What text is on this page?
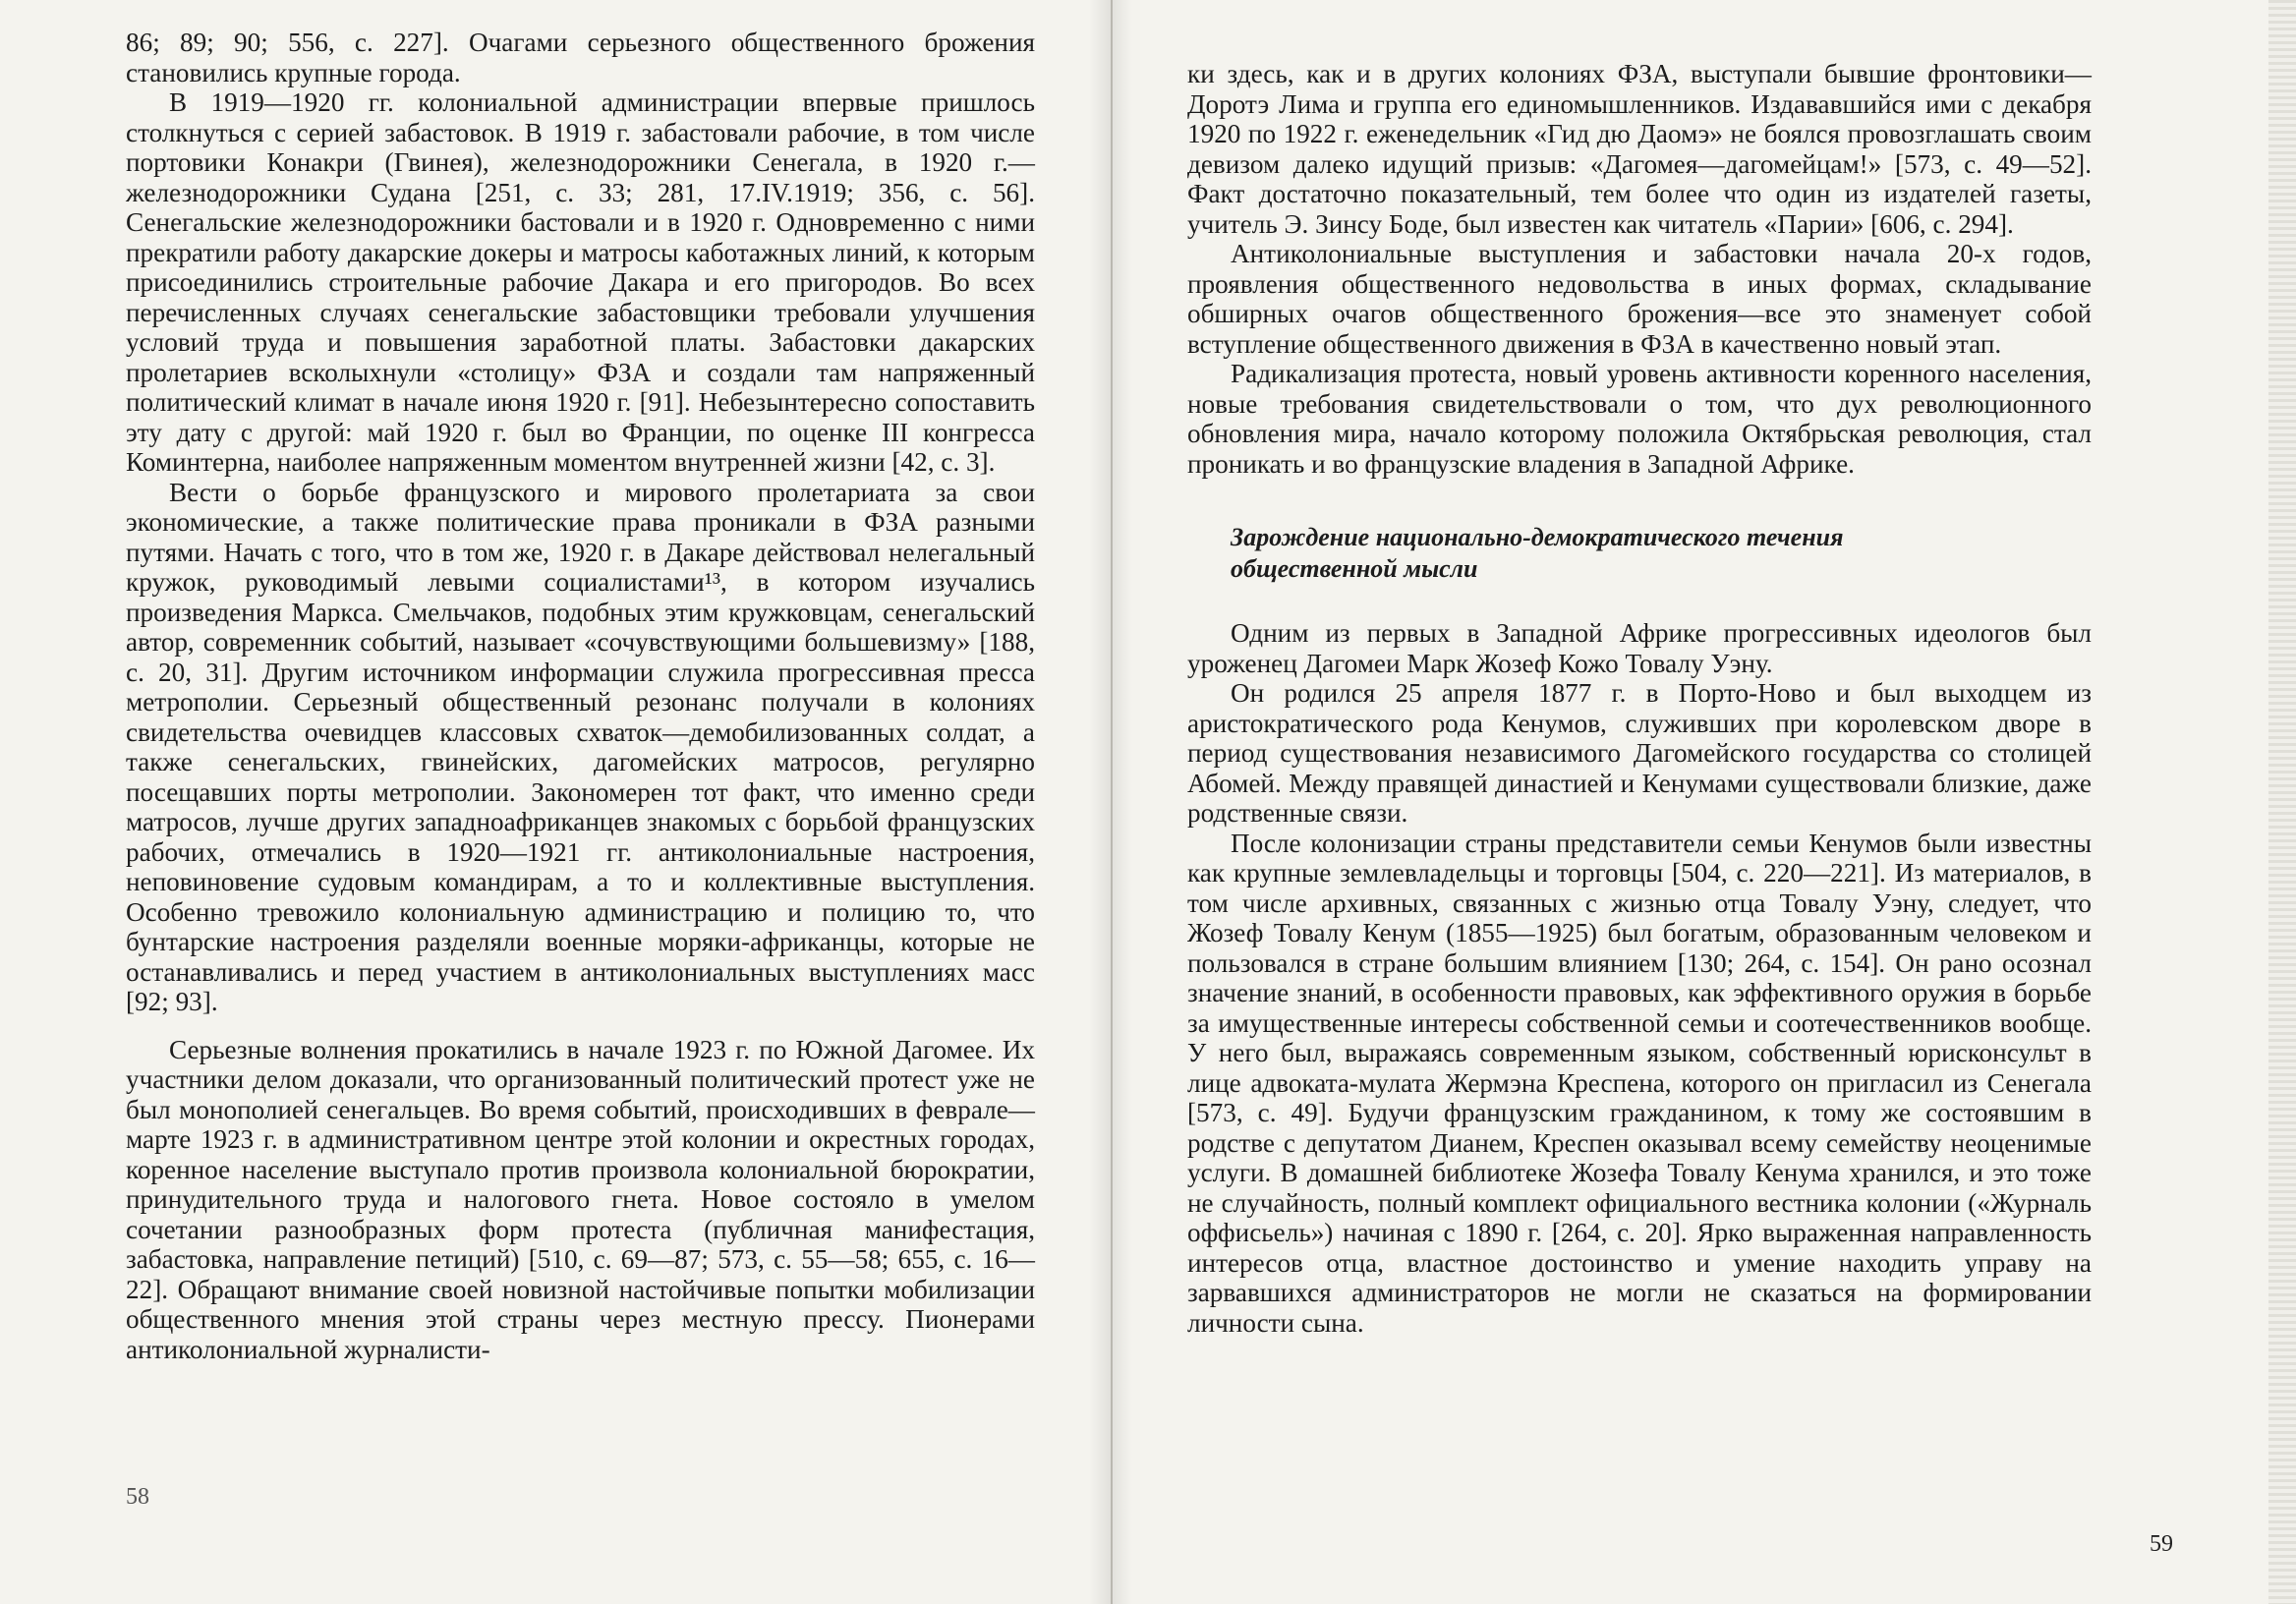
86; 89; 90; 556, с. 227]. Очагами серьезного общественного брожения становились крупные города.

В 1919—1920 гг. колониальной администрации впервые пришлось столкнуться с серией забастовок. В 1919 г. забастовали рабочие, в том числе портовики Конакри (Гвинея), железнодорожники Сенегала, в 1920 г.—железнодорожники Судана [251, с. 33; 281, 17.IV.1919; 356, с. 56]. Сенегальские железнодорожники бастовали и в 1920 г. Одновременно с ними прекратили работу дакарские докеры и матросы каботажных линий, к которым присоединились строительные рабочие Дакара и его пригородов. Во всех перечисленных случаях сенегальские забастовщики требовали улучшения условий труда и повышения заработной платы. Забастовки дакарских пролетариев всколыхнули «столицу» ФЗА и создали там напряженный политический климат в начале июня 1920 г. [91]. Небезынтересно сопоставить эту дату с другой: май 1920 г. был во Франции, по оценке III конгресса Коминтерна, наиболее напряженным моментом внутренней жизни [42, с. 3].

Вести о борьбе французского и мирового пролетариата за свои экономические, а также политические права проникали в ФЗА разными путями. Начать с того, что в том же, 1920 г. в Дакаре действовал нелегальный кружок, руководимый левыми социалистами¹³, в котором изучались произведения Маркса. Смельчаков, подобных этим кружковцам, сенегальский автор, современник событий, называет «сочувствующими большевизму» [188, с. 20, 31]. Другим источником информации служила прогрессивная пресса метрополии. Серьезный общественный резонанс получали в колониях свидетельства очевидцев классовых схваток—демобилизованных солдат, а также сенегальских, гвинейских, дагомейских матросов, регулярно посещавших порты метрополии. Закономерен тот факт, что именно среди матросов, лучше других западноафриканцев знакомых с борьбой французских рабочих, отмечались в 1920—1921 гг. антиколониальные настроения, неповиновение судовым командирам, а то и коллективные выступления. Особенно тревожило колониальную администрацию и полицию то, что бунтарские настроения разделяли военные моряки-африканцы, которые не останавливались и перед участием в антиколониальных выступлениях масс [92; 93].

Серьезные волнения прокатились в начале 1923 г. по Южной Дагомее. Их участники делом доказали, что организованный политический протест уже не был монополией сенегальцев. Во время событий, происходивших в феврале—марте 1923 г. в административном центре этой колонии и окрестных городах, коренное население выступало против произвола колониальной бюрократии, принудительного труда и налогового гнета. Новое состояло в умелом сочетании разнообразных форм протеста (публичная манифестация, забастовка, направление петиций) [510, с. 69—87; 573, с. 55—58; 655, с. 16—22]. Обращают внимание своей новизной настойчивые попытки мобилизации общественного мнения этой страны через местную прессу. Пионерами антиколониальной журналисти-

58

ки здесь, как и в других колониях ФЗА, выступали бывшие фронтовики—Доротэ Лима и группа его единомышленников. Издававшийся ими с декабря 1920 по 1922 г. еженедельник «Гид дю Даомэ» не боялся провозглашать своим девизом далеко идущий призыв: «Дагомея—дагомейцам!» [573, с. 49—52]. Факт достаточно показательный, тем более что один из издателей газеты, учитель Э. Зинсу Боде, был известен как читатель «Парии» [606, с. 294].

Антиколониальные выступления и забастовки начала 20-х годов, проявления общественного недовольства в иных формах, складывание обширных очагов общественного брожения—все это знаменует собой вступление общественного движения в ФЗА в качественно новый этап.

Радикализация протеста, новый уровень активности коренного населения, новые требования свидетельствовали о том, что дух революционного обновления мира, начало которому положила Октябрьская революция, стал проникать и во французские владения в Западной Африке.

Зарождение национально-демократического течения
общественной мысли

Одним из первых в Западной Африке прогрессивных идеологов был уроженец Дагомеи Марк Жозеф Кожо Товалу Уэну.

Он родился 25 апреля 1877 г. в Порто-Ново и был выходцем из аристократического рода Кенумов, служивших при королевском дворе в период существования независимого Дагомейского государства со столицей Абомей. Между правящей династией и Кенумами существовали близкие, даже родственные связи.

После колонизации страны представители семьи Кенумов были известны как крупные землевладельцы и торговцы [504, с. 220—221]. Из материалов, в том числе архивных, связанных с жизнью отца Товалу Уэну, следует, что Жозеф Товалу Кенум (1855—1925) был богатым, образованным человеком и пользовался в стране большим влиянием [130; 264, с. 154]. Он рано осознал значение знаний, в особенности правовых, как эффективного оружия в борьбе за имущественные интересы собственной семьи и соотечественников вообще. У него был, выражаясь современным языком, собственный юрисконсульт в лице адвоката-мулата Жермэна Креспена, которого он пригласил из Сенегала [573, с. 49]. Будучи французским гражданином, к тому же состоявшим в родстве с депутатом Дианем, Креспен оказывал всему семейству неоценимые услуги. В домашней библиотеке Жозефа Товалу Кенума хранился, и это тоже не случайность, полный комплект официального вестника колонии («Журналь оффисьель») начиная с 1890 г. [264, с. 20]. Ярко выраженная направленность интересов отца, властное достоинство и умение находить управу на зарвавшихся администраторов не могли не сказаться на формировании личности сына.

59
